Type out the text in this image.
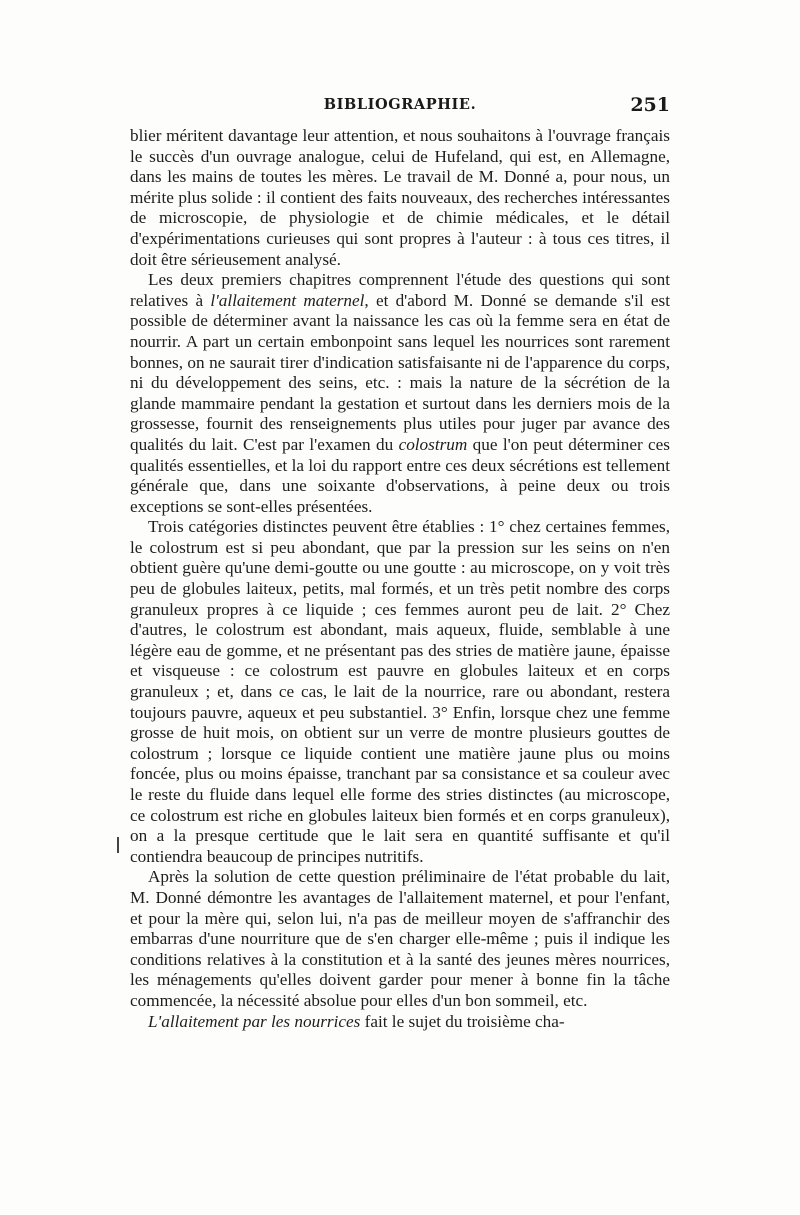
BIBLIOGRAPHIE.	251

blier méritent davantage leur attention, et nous souhaitons à l'ouvrage français le succès d'un ouvrage analogue, celui de Hufeland, qui est, en Allemagne, dans les mains de toutes les mères. Le travail de M. Donné a, pour nous, un mérite plus solide : il contient des faits nouveaux, des recherches intéressantes de microscopie, de physiologie et de chimie médicales, et le détail d'expérimentations curieuses qui sont propres à l'auteur : à tous ces titres, il doit être sérieusement analysé.

Les deux premiers chapitres comprennent l'étude des questions qui sont relatives à l'allaitement maternel, et d'abord M. Donné se demande s'il est possible de déterminer avant la naissance les cas où la femme sera en état de nourrir. A part un certain embonpoint sans lequel les nourrices sont rarement bonnes, on ne saurait tirer d'indication satisfaisante ni de l'apparence du corps, ni du développement des seins, etc. : mais la nature de la sécrétion de la glande mammaire pendant la gestation et surtout dans les derniers mois de la grossesse, fournit des renseignements plus utiles pour juger par avance des qualités du lait. C'est par l'examen du colostrum que l'on peut déterminer ces qualités essentielles, et la loi du rapport entre ces deux sécrétions est tellement générale que, dans une soixante d'observations, à peine deux ou trois exceptions se sont-elles présentées.

Trois catégories distinctes peuvent être établies : 1° chez certaines femmes, le colostrum est si peu abondant, que par la pression sur les seins on n'en obtient guère qu'une demi-goutte ou une goutte : au microscope, on y voit très peu de globules laiteux, petits, mal formés, et un très petit nombre des corps granuleux propres à ce liquide ; ces femmes auront peu de lait. 2° Chez d'autres, le colostrum est abondant, mais aqueux, fluide, semblable à une légère eau de gomme, et ne présentant pas des stries de matière jaune, épaisse et visqueuse : ce colostrum est pauvre en globules laiteux et en corps granuleux ; et, dans ce cas, le lait de la nourrice, rare ou abondant, restera toujours pauvre, aqueux et peu substantiel. 3° Enfin, lorsque chez une femme grosse de huit mois, on obtient sur un verre de montre plusieurs gouttes de colostrum ; lorsque ce liquide contient une matière jaune plus ou moins foncée, plus ou moins épaisse, tranchant par sa consistance et sa couleur avec le reste du fluide dans lequel elle forme des stries distinctes (au microscope, ce colostrum est riche en globules laiteux bien formés et en corps granuleux), on a la presque certitude que le lait sera en quantité suffisante et qu'il contiendra beaucoup de principes nutritifs.

Après la solution de cette question préliminaire de l'état probable du lait, M. Donné démontre les avantages de l'allaitement maternel, et pour l'enfant, et pour la mère qui, selon lui, n'a pas de meilleur moyen de s'affranchir des embarras d'une nourriture que de s'en charger elle-même ; puis il indique les conditions relatives à la constitution et à la santé des jeunes mères nourrices, les ménagements qu'elles doivent garder pour mener à bonne fin la tâche commencée, la nécessité absolue pour elles d'un bon sommeil, etc.

L'allaitement par les nourrices fait le sujet du troisième cha-
